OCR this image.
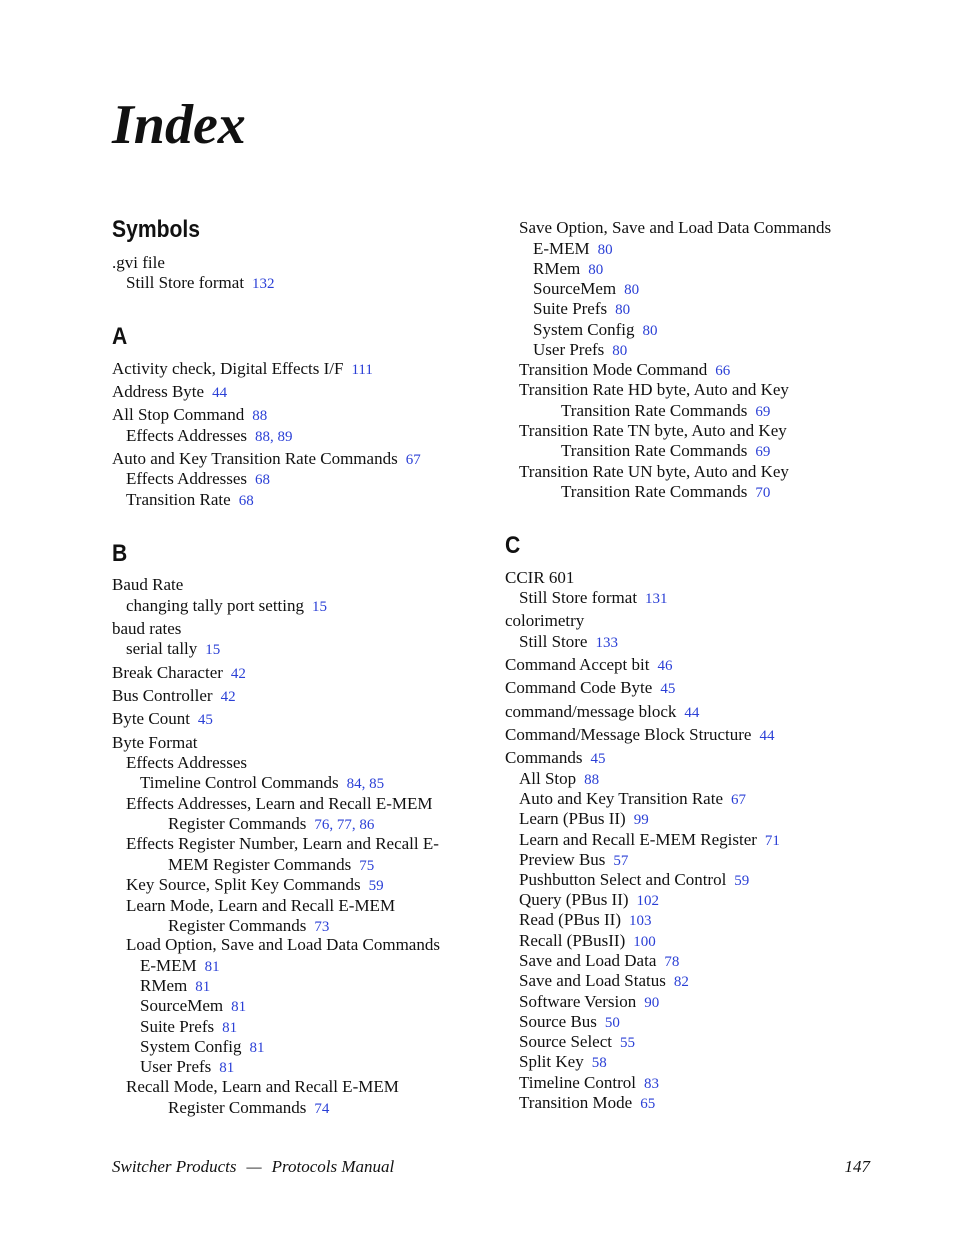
Index
Symbols
.gvi file
Still Store format 132
A
Activity check, Digital Effects I/F 111
Address Byte 44
All Stop Command 88
Effects Addresses 88, 89
Auto and Key Transition Rate Commands 67
Effects Addresses 68
Transition Rate 68
B
Baud Rate
changing tally port setting 15
baud rates
serial tally 15
Break Character 42
Bus Controller 42
Byte Count 45
Byte Format
Effects Addresses
Timeline Control Commands 84, 85
Effects Addresses, Learn and Recall E-MEM
Register Commands 76, 77, 86
Effects Register Number, Learn and Recall E-
MEM Register Commands 75
Key Source, Split Key Commands 59
Learn Mode, Learn and Recall E-MEM
Register Commands 73
Load Option, Save and Load Data Commands
E-MEM 81
RMem 81
SourceMem 81
Suite Prefs 81
System Config 81
User Prefs 81
Recall Mode, Learn and Recall E-MEM
Register Commands 74
Save Option, Save and Load Data Commands
E-MEM 80
RMem 80
SourceMem 80
Suite Prefs 80
System Config 80
User Prefs 80
Transition Mode Command 66
Transition Rate HD byte, Auto and Key
Transition Rate Commands 69
Transition Rate TN byte, Auto and Key
Transition Rate Commands 69
Transition Rate UN byte, Auto and Key
Transition Rate Commands 70
C
CCIR 601
Still Store format 131
colorimetry
Still Store 133
Command Accept bit 46
Command Code Byte 45
command/message block 44
Command/Message Block Structure 44
Commands 45
All Stop 88
Auto and Key Transition Rate 67
Learn (PBus II) 99
Learn and Recall E-MEM Register 71
Preview Bus 57
Pushbutton Select and Control 59
Query (PBus II) 102
Read (PBus II) 103
Recall (PBusII) 100
Save and Load Data 78
Save and Load Status 82
Software Version 90
Source Bus 50
Source Select 55
Split Key 58
Timeline Control 83
Transition Mode 65
Switcher Products — Protocols Manual	147
